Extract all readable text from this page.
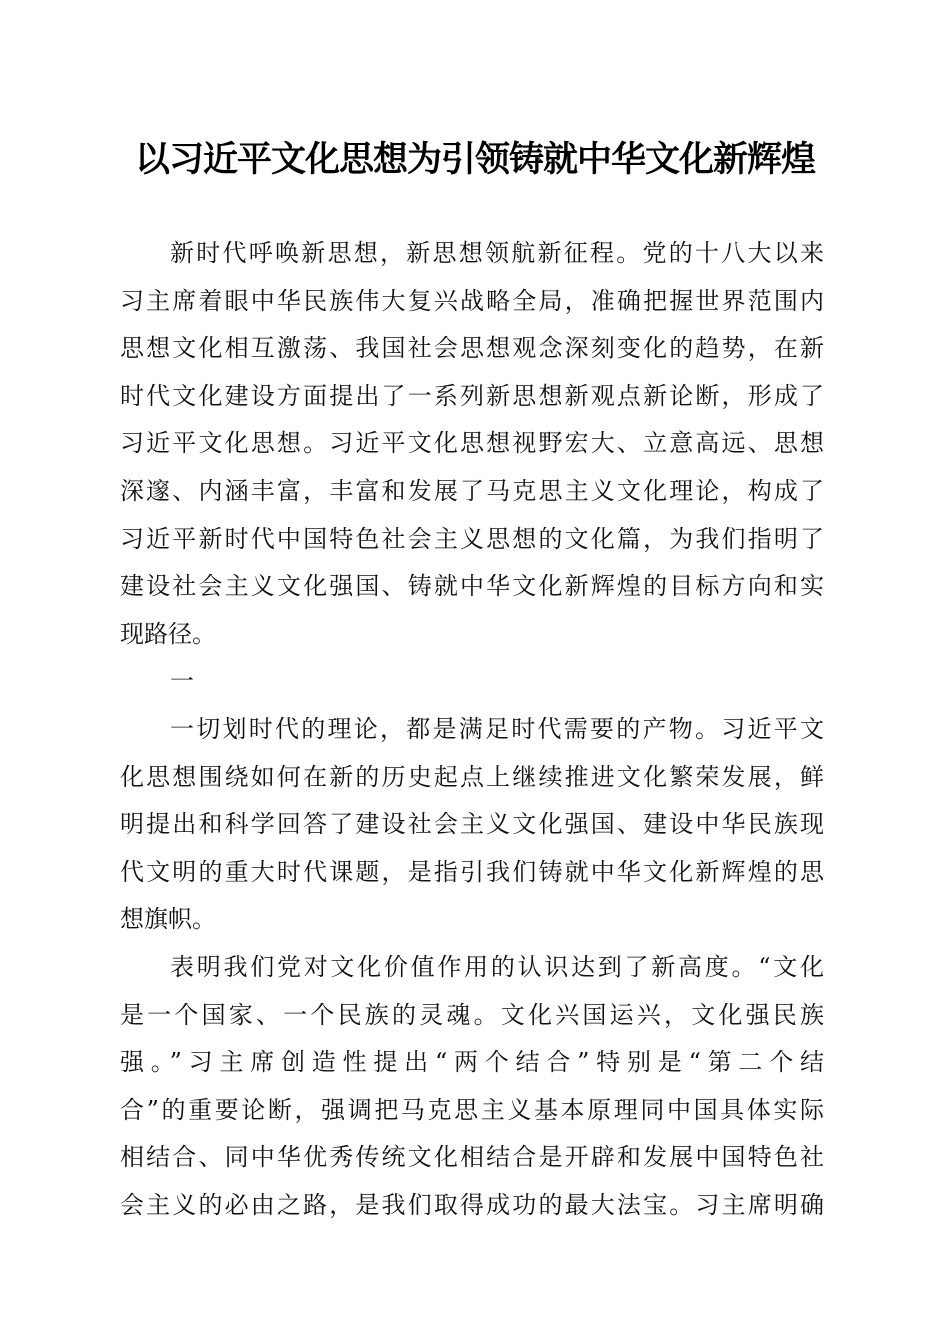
以习近平文化思想为引领铸就中华文化新辉煌
新时代呼唤新思想，新思想领航新征程。党的十八大以来
习主席着眼中华民族伟大复兴战略全局，准确把握世界范围内
思想文化相互激荡、我国社会思想观念深刻变化的趋势，在新
时代文化建设方面提出了一系列新思想新观点新论断，形成了
习近平文化思想。习近平文化思想视野宏大、立意高远、思想
深邃、内涵丰富，丰富和发展了马克思主义文化理论，构成了
习近平新时代中国特色社会主义思想的文化篇，为我们指明了
建设社会主义文化强国、铸就中华文化新辉煌的目标方向和实
现路径。
一
一切划时代的理论，都是满足时代需要的产物。习近平文
化思想围绕如何在新的历史起点上继续推进文化繁荣发展，鲜
明提出和科学回答了建设社会主义文化强国、建设中华民族现
代文明的重大时代课题，是指引我们铸就中华文化新辉煌的思
想旗帜。
表明我们党对文化价值作用的认识达到了新高度。“文化
是一个国家、一个民族的灵魂。文化兴国运兴，文化强民族
强。”习主席创造性提出“两个结合”特别是“第二个结
合”的重要论断，强调把马克思主义基本原理同中国具体实际
相结合、同中华优秀传统文化相结合是开辟和发展中国特色社
会主义的必由之路，是我们取得成功的最大法宝。习主席明确
